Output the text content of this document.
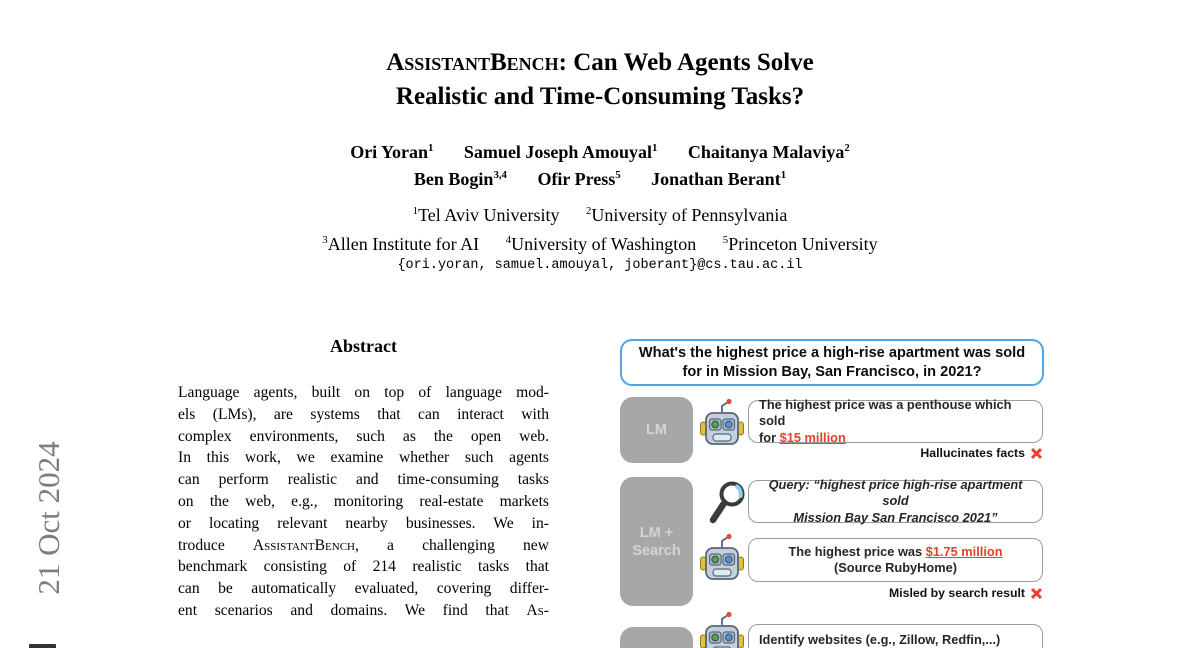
21 Oct 2024
AssistantBench: Can Web Agents Solve
Realistic and Time-Consuming Tasks?
Ori Yoran$^1$ Samuel Joseph Amouyal$^1$ Chaitanya Malaviya$^2$
Ben Bogin$^{3,4}$ Ofir Press$^5$ Jonathan Berant$^1$
$^1$Tel Aviv University $^2$University of Pennsylvania
$^3$Allen Institute for AI $^4$University of Washington $^5$Princeton University
{ori.yoran, samuel.amouyal, joberant}@cs.tau.ac.il
Abstract
Language agents, built on top of language mod-
els (LMs), are systems that can interact with
complex environments, such as the open web.
In this work, we examine whether such agents
can perform realistic and time-consuming tasks
on the web, e.g., monitoring real-estate markets
or locating relevant nearby businesses. We in-
troduce AssistantBench, a challenging new
benchmark consisting of 214 realistic tasks that
can be automatically evaluated, covering differ-
ent scenarios and domains. We find that As-
What's the highest price a high-rise apartment was sold
for in Mission Bay, San Francisco, in 2021?
LM
The highest price was a penthouse which sold
for $15 million
Hallucinates facts
LM +
Search
Query: “highest price high-rise apartment sold
Mission Bay San Francisco 2021”
The highest price was $1.75 million
(Source RubyHome)
Misled by search result
Identify websites (e.g., Zillow, Redfin,...)
